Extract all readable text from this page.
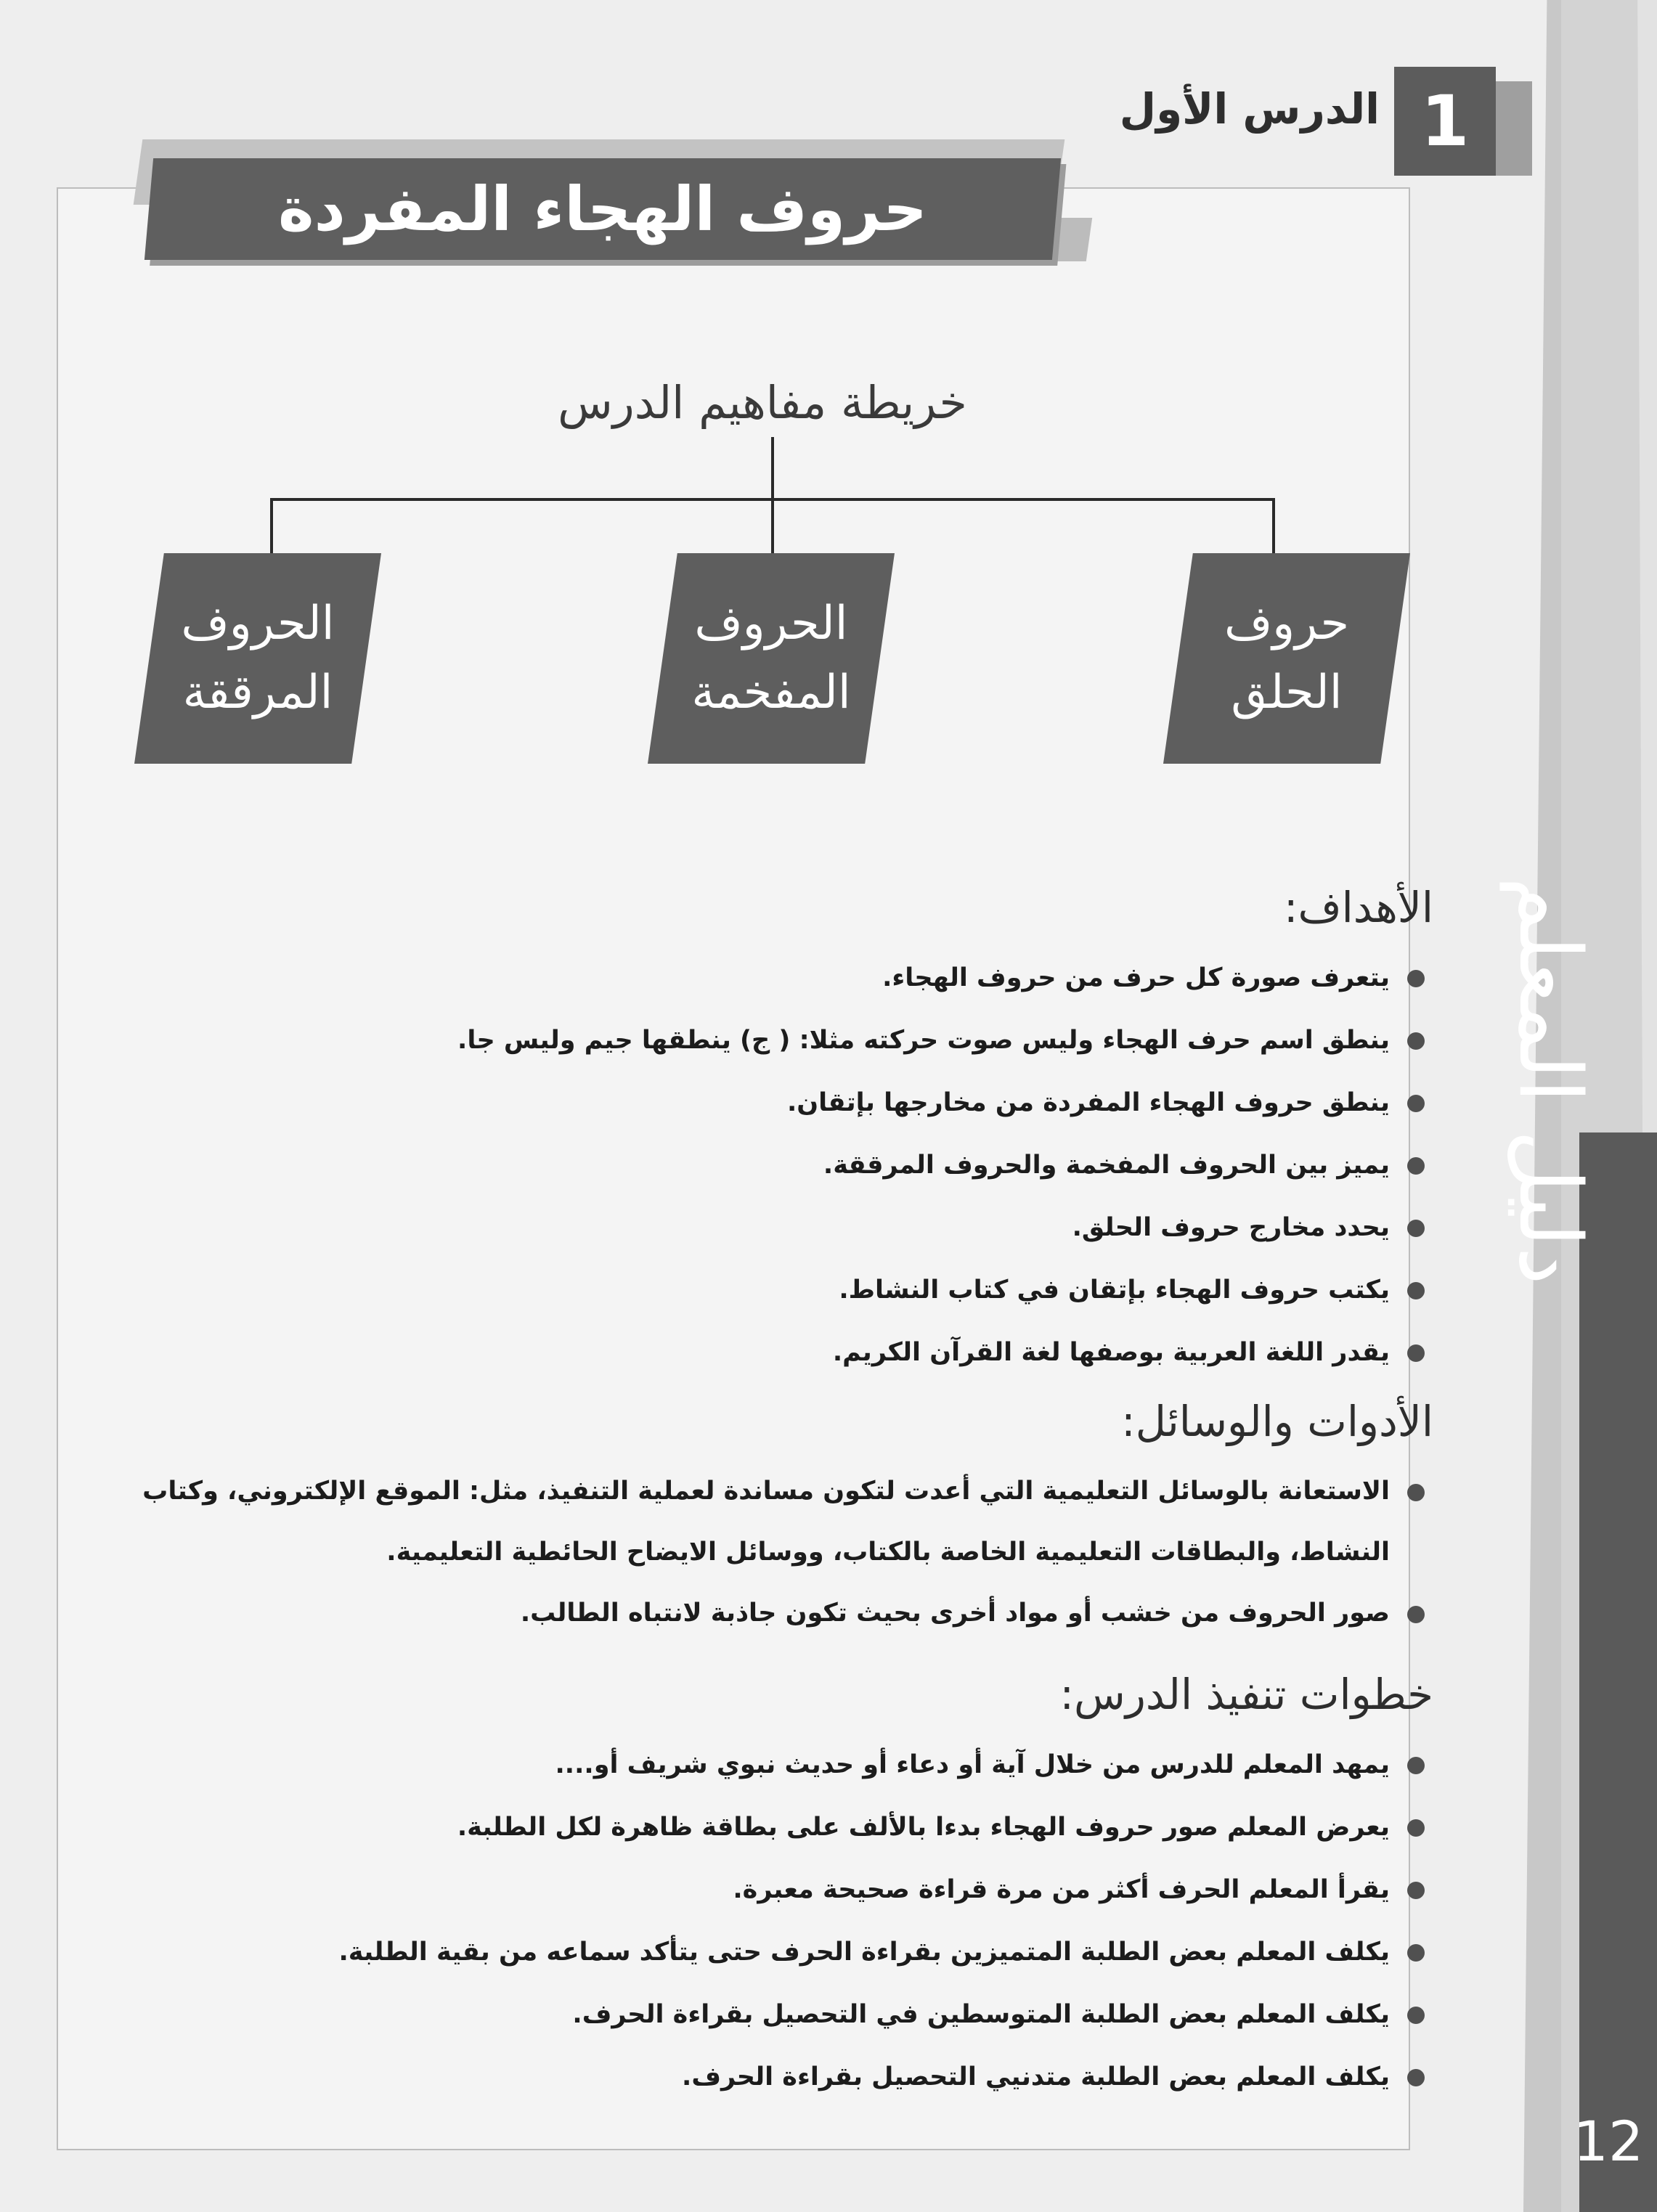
دليل المعلم
12
1
الدرس الأول
حروف الهجاء المفردة
خريطة مفاهيم الدرس
حروف
الحلق
الحروف
المفخمة
الحروف
المرققة
الأهداف:
يتعرف صورة كل حرف من حروف الهجاء.
ينطق اسم حرف الهجاء وليس صوت حركته مثلا: ( ج) ينطقها جيم وليس جا.
ينطق حروف الهجاء المفردة من مخارجها بإتقان.
يميز بين الحروف المفخمة والحروف المرققة.
يحدد مخارج حروف الحلق.
يكتب حروف الهجاء بإتقان في كتاب النشاط.
يقدر اللغة العربية بوصفها لغة القرآن الكريم.
الأدوات والوسائل:
الاستعانة بالوسائل التعليمية التي أعدت لتكون مساندة لعملية التنفيذ، مثل: الموقع الإلكتروني، وكتاب النشاط، والبطاقات التعليمية الخاصة بالكتاب، ووسائل الايضاح الحائطية التعليمية.
صور الحروف من خشب أو مواد أخرى بحيث تكون جاذبة لانتباه الطالب.
خطوات تنفيذ الدرس:
يمهد المعلم للدرس من خلال آية أو دعاء أو حديث نبوي شريف أو....
يعرض المعلم صور حروف الهجاء بدءا بالألف على بطاقة ظاهرة لكل الطلبة.
يقرأ المعلم الحرف أكثر من مرة قراءة صحيحة معبرة.
يكلف المعلم بعض الطلبة المتميزين بقراءة الحرف حتى يتأكد سماعه من بقية الطلبة.
يكلف المعلم بعض الطلبة المتوسطين في التحصيل بقراءة الحرف.
يكلف المعلم بعض الطلبة متدنيي التحصيل بقراءة الحرف.
